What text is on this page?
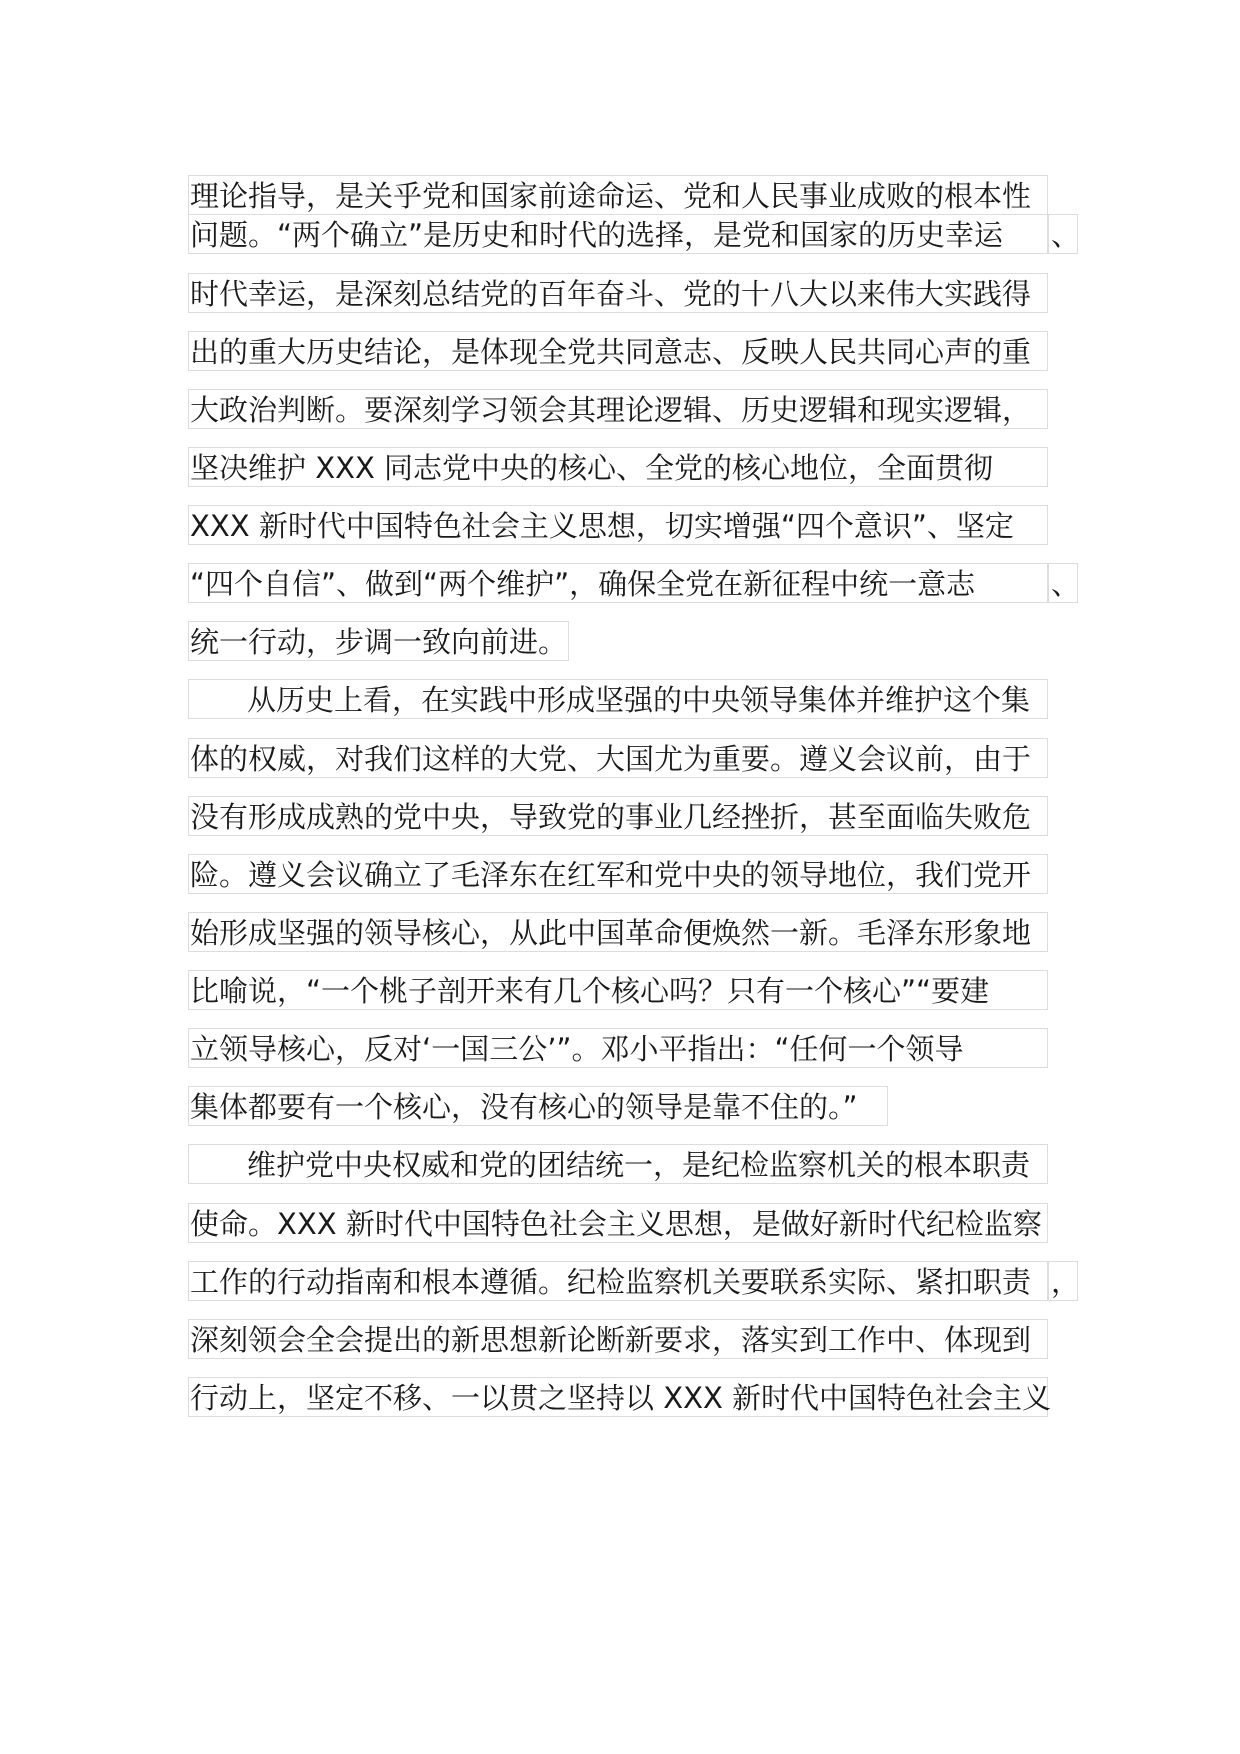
理论指导，是关乎党和国家前途命运、党和人民事业成败的根本性
问题。“两个确立”是历史和时代的选择，是党和国家的历史幸运	、
时代幸运，是深刻总结党的百年奋斗、党的十八大以来伟大实践得
出的重大历史结论，是体现全党共同意志、反映人民共同心声的重
大政治判断。要深刻学习领会其理论逻辑、历史逻辑和现实逻辑，
坚决维护 XXX 同志党中央的核心、全党的核心地位，全面贯彻
XXX 新时代中国特色社会主义思想，切实增强“四个意识”、坚定
“四个自信”、做到“两个维护”，确保全党在新征程中统一意志	、
统一行动，步调一致向前进。
从历史上看，在实践中形成坚强的中央领导集体并维护这个集
体的权威，对我们这样的大党、大国尤为重要。遵义会议前，由于
没有形成成熟的党中央，导致党的事业几经挫折，甚至面临失败危
险。遵义会议确立了毛泽东在红军和党中央的领导地位，我们党开
始形成坚强的领导核心，从此中国革命便焕然一新。毛泽东形象地
比喻说，“一个桃子剖开来有几个核心吗？只有一个核心”“要建
立领导核心，反对‘一国三公’”。邓小平指出：“任何一个领导
集体都要有一个核心，没有核心的领导是靠不住的。”
维护党中央权威和党的团结统一，是纪检监察机关的根本职责
使命。XXX 新时代中国特色社会主义思想，是做好新时代纪检监察
工作的行动指南和根本遵循。纪检监察机关要联系实际、紧扣职责 ，
深刻领会全会提出的新思想新论断新要求，落实到工作中、体现到
行动上，坚定不移、一以贯之坚持以 XXX 新时代中国特色社会主义
